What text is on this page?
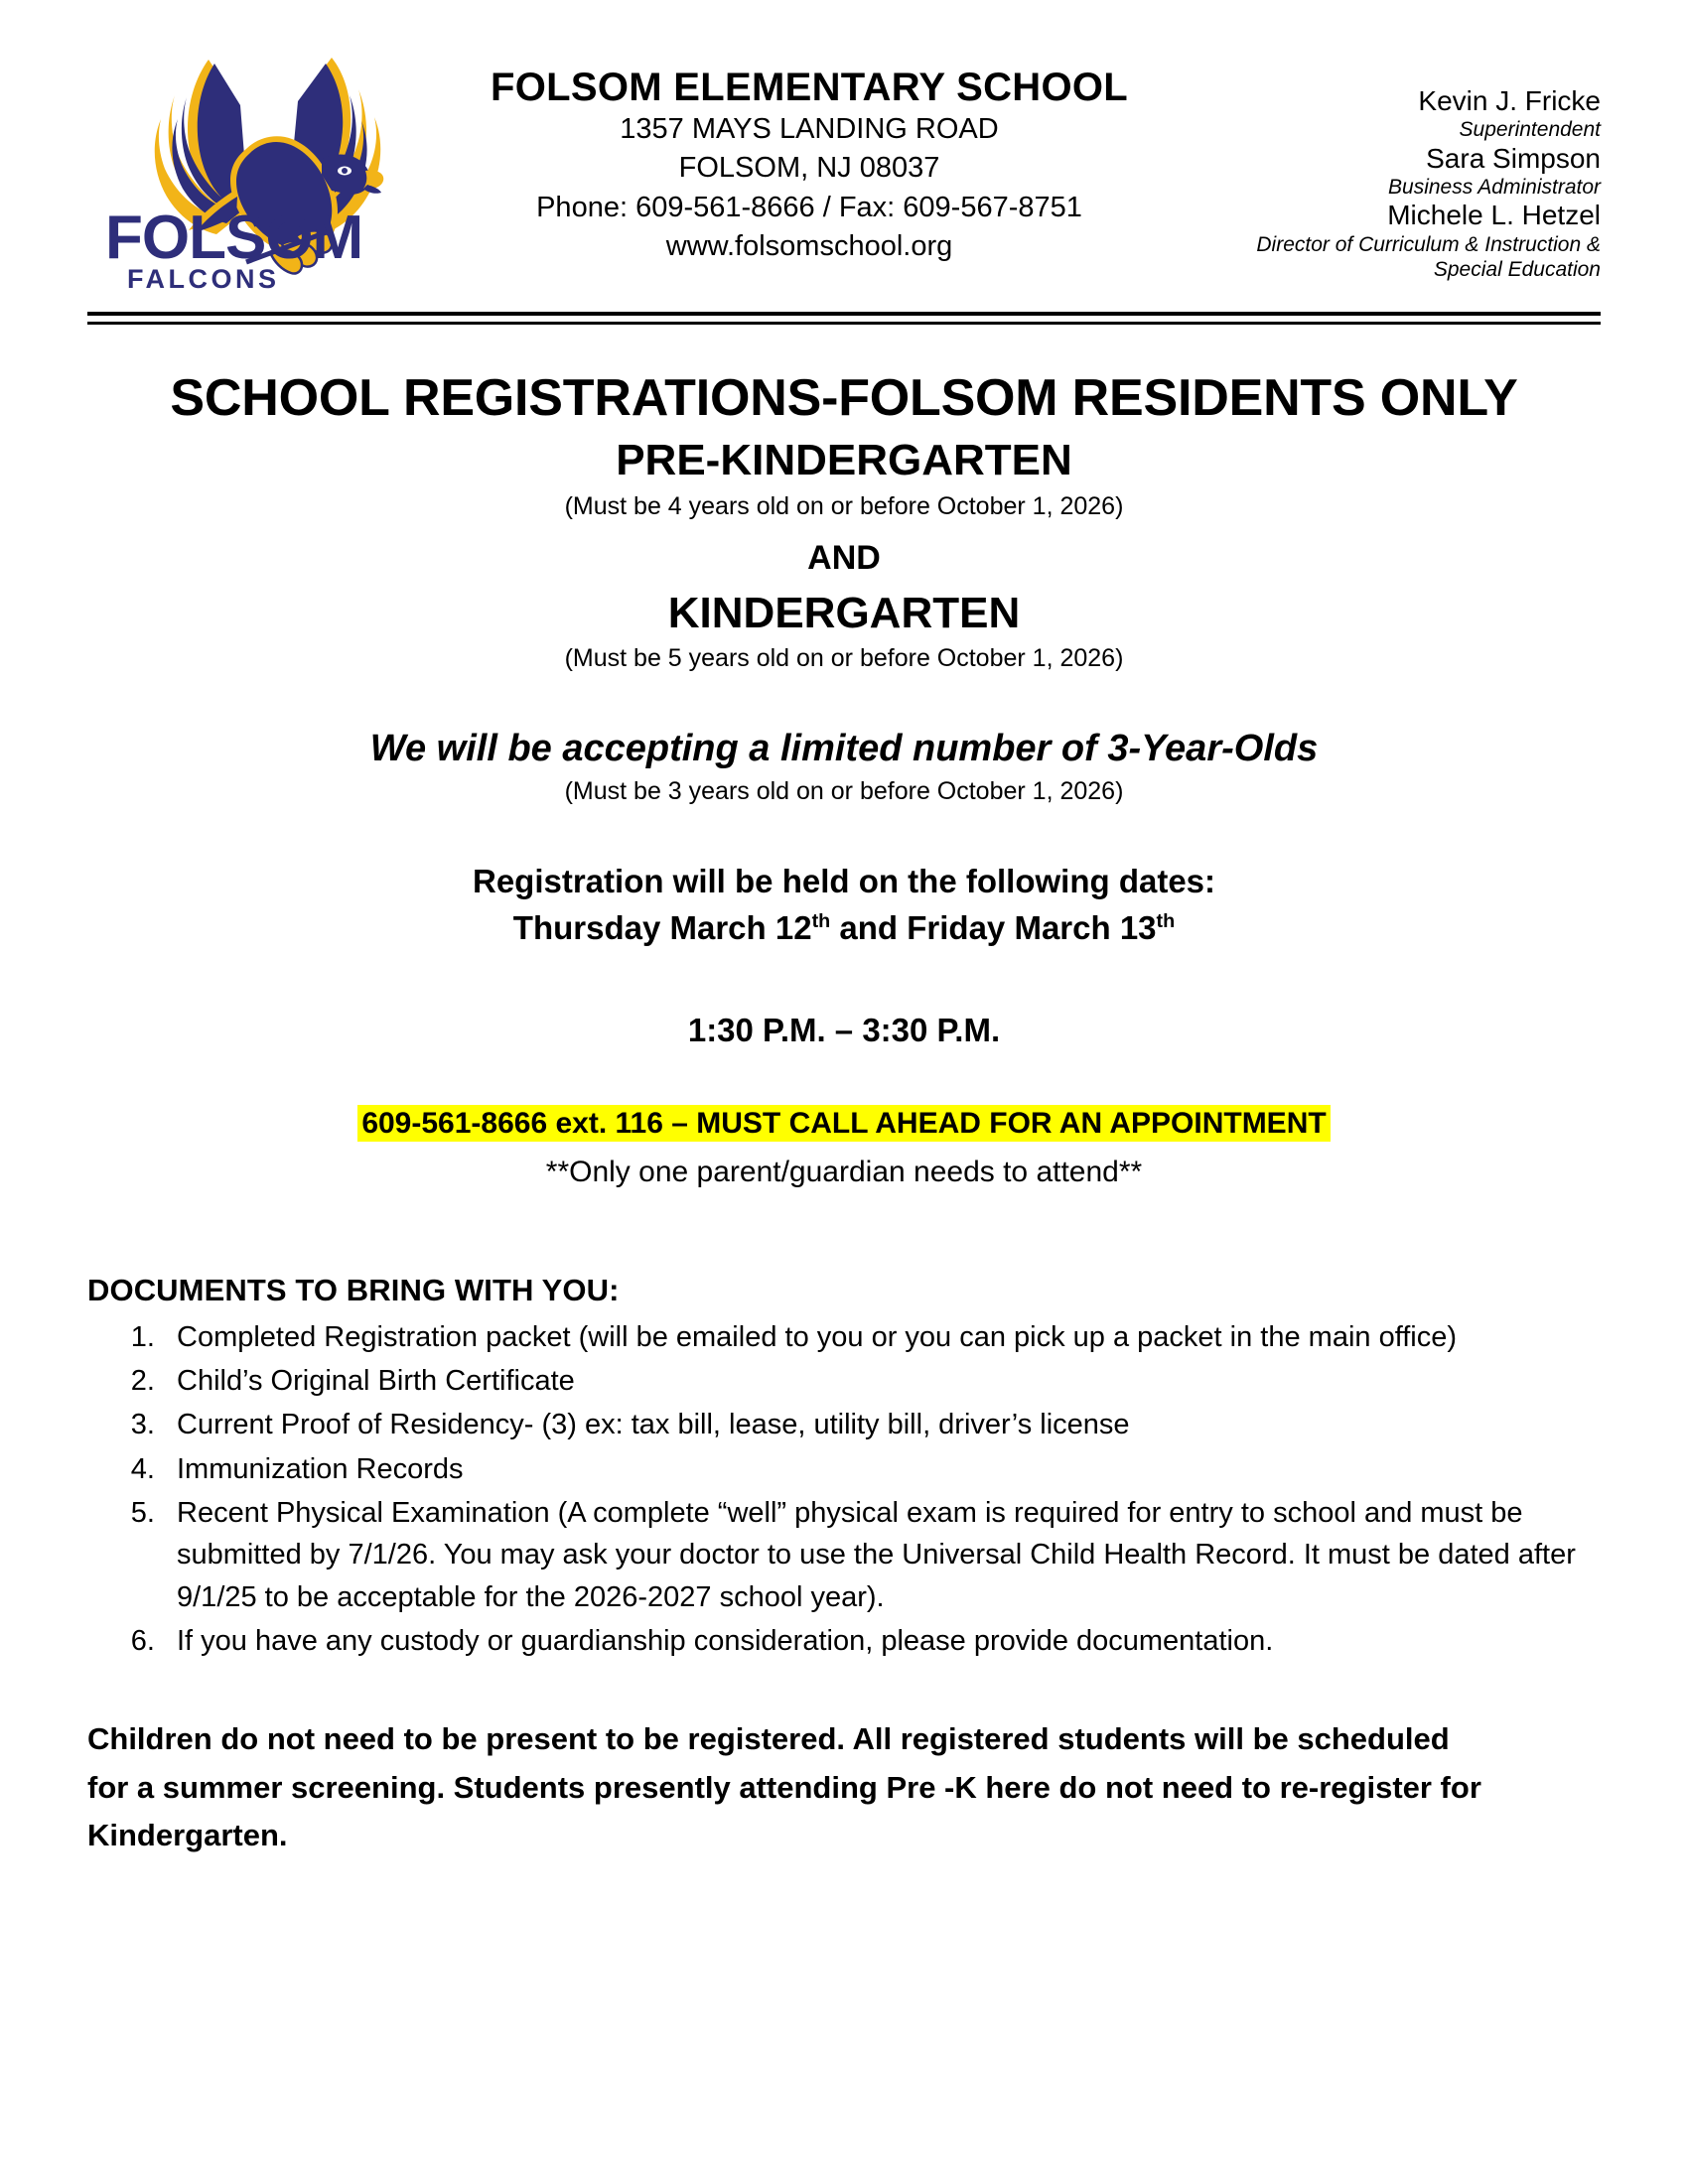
FOLSOM
FALCONS
FOLSOM ELEMENTARY SCHOOL
1357 MAYS LANDING ROAD
FOLSOM, NJ 08037
Phone: 609-561-8666 / Fax: 609-567-8751
www.folsomschool.org
Kevin J. Fricke
Superintendent
Sara Simpson
Business Administrator
Michele L. Hetzel
Director of Curriculum & Instruction &
Special Education
SCHOOL REGISTRATIONS-FOLSOM RESIDENTS ONLY
PRE-KINDERGARTEN
(Must be 4 years old on or before October 1, 2026)
AND
KINDERGARTEN
(Must be 5 years old on or before October 1, 2026)
We will be accepting a limited number of 3-Year-Olds
(Must be 3 years old on or before October 1, 2026)
Registration will be held on the following dates:
Thursday March 12th and Friday March 13th
1:30 P.M. – 3:30 P.M.
609-561-8666 ext. 116 – MUST CALL AHEAD FOR AN APPOINTMENT
**Only one parent/guardian needs to attend**
DOCUMENTS TO BRING WITH YOU:
1. Completed Registration packet (will be emailed to you or you can pick up a packet in the main office)
2. Child’s Original Birth Certificate
3. Current Proof of Residency- (3) ex: tax bill, lease, utility bill, driver’s license
4. Immunization Records
5. Recent Physical Examination (A complete “well” physical exam is required for entry to school and must be submitted by 7/1/26. You may ask your doctor to use the Universal Child Health Record. It must be dated after 9/1/25 to be acceptable for the 2026-2027 school year).
6. If you have any custody or guardianship consideration, please provide documentation.
Children do not need to be present to be registered. All registered students will be scheduled for a summer screening. Students presently attending Pre -K here do not need to re-register for Kindergarten.
